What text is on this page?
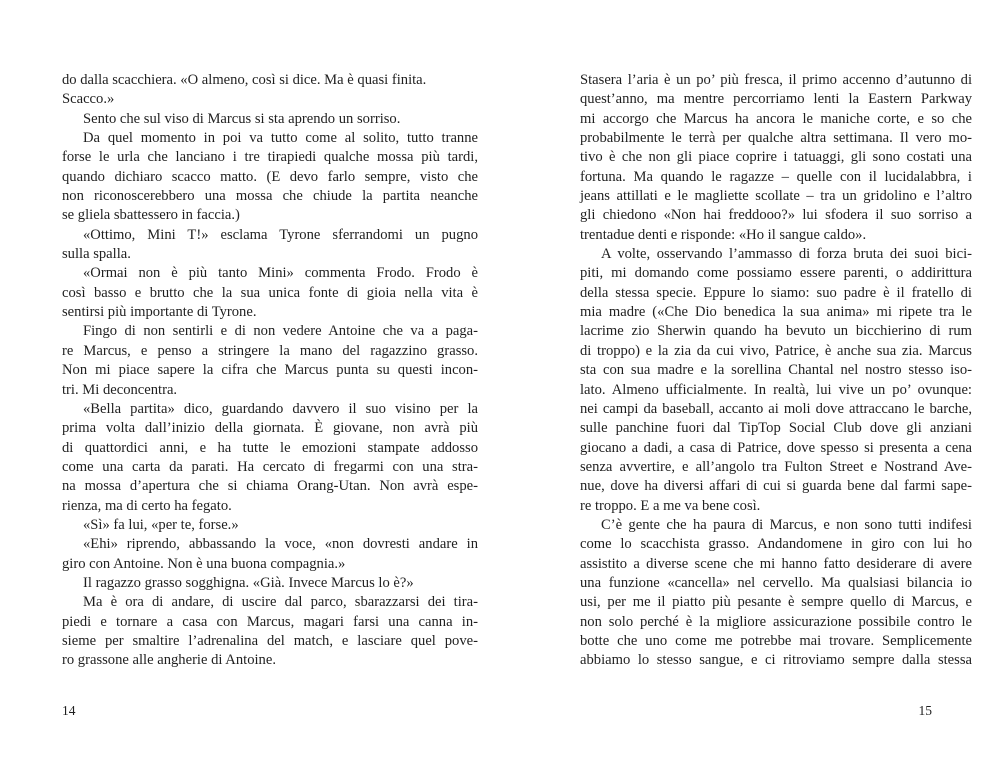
do dalla scacchiera. «O almeno, così si dice. Ma è quasi finita.
Scacco.»
Sento che sul viso di Marcus si sta aprendo un sorriso.
Da quel momento in poi va tutto come al solito, tutto tranne
forse le urla che lanciano i tre tirapiedi qualche mossa più tardi,
quando dichiaro scacco matto. (E devo farlo sempre, visto che
non riconoscerebbero una mossa che chiude la partita neanche
se gliela sbattessero in faccia.)
«Ottimo, Mini T!» esclama Tyrone sferrandomi un pugno
sulla spalla.
«Ormai non è più tanto Mini» commenta Frodo. Frodo è
così basso e brutto che la sua unica fonte di gioia nella vita è
sentirsi più importante di Tyrone.
Fingo di non sentirli e di non vedere Antoine che va a paga-
re Marcus, e penso a stringere la mano del ragazzino grasso.
Non mi piace sapere la cifra che Marcus punta su questi incon-
tri. Mi deconcentra.
«Bella partita» dico, guardando davvero il suo visino per la
prima volta dall’inizio della giornata. È giovane, non avrà più
di quattordici anni, e ha tutte le emozioni stampate addosso
come una carta da parati. Ha cercato di fregarmi con una stra-
na mossa d’apertura che si chiama Orang-Utan. Non avrà espe-
rienza, ma di certo ha fegato.
«Sì» fa lui, «per te, forse.»
«Ehi» riprendo, abbassando la voce, «non dovresti andare in
giro con Antoine. Non è una buona compagnia.»
Il ragazzo grasso sogghigna. «Già. Invece Marcus lo è?»
Ma è ora di andare, di uscire dal parco, sbarazzarsi dei tira-
piedi e tornare a casa con Marcus, magari farsi una canna in-
sieme per smaltire l’adrenalina del match, e lasciare quel pove-
ro grassone alle angherie di Antoine.
14
Stasera l’aria è un po’ più fresca, il primo accenno d’autunno di
quest’anno, ma mentre percorriamo lenti la Eastern Parkway
mi accorgo che Marcus ha ancora le maniche corte, e so che
probabilmente le terrà per qualche altra settimana. Il vero mo-
tivo è che non gli piace coprire i tatuaggi, gli sono costati una
fortuna. Ma quando le ragazze – quelle con il lucidalabbra, i
jeans attillati e le magliette scollate – tra un gridolino e l’altro
gli chiedono «Non hai freddooo?» lui sfodera il suo sorriso a
trentadue denti e risponde: «Ho il sangue caldo».
A volte, osservando l’ammasso di forza bruta dei suoi bici-
piti, mi domando come possiamo essere parenti, o addirittura
della stessa specie. Eppure lo siamo: suo padre è il fratello di
mia madre («Che Dio benedica la sua anima» mi ripete tra le
lacrime zio Sherwin quando ha bevuto un bicchierino di rum
di troppo) e la zia da cui vivo, Patrice, è anche sua zia. Marcus
sta con sua madre e la sorellina Chantal nel nostro stesso iso-
lato. Almeno ufficialmente. In realtà, lui vive un po’ ovunque:
nei campi da baseball, accanto ai moli dove attraccano le barche,
sulle panchine fuori dal TipTop Social Club dove gli anziani
giocano a dadi, a casa di Patrice, dove spesso si presenta a cena
senza avvertire, e all’angolo tra Fulton Street e Nostrand Ave-
nue, dove ha diversi affari di cui si guarda bene dal farmi sape-
re troppo. E a me va bene così.
C’è gente che ha paura di Marcus, e non sono tutti indifesi
come lo scacchista grasso. Andandomene in giro con lui ho
assistito a diverse scene che mi hanno fatto desiderare di avere
una funzione «cancella» nel cervello. Ma qualsiasi bilancia io
usi, per me il piatto più pesante è sempre quello di Marcus, e
non solo perché è la migliore assicurazione possibile contro le
botte che uno come me potrebbe mai trovare. Semplicemente
abbiamo lo stesso sangue, e ci ritroviamo sempre dalla stessa
15
